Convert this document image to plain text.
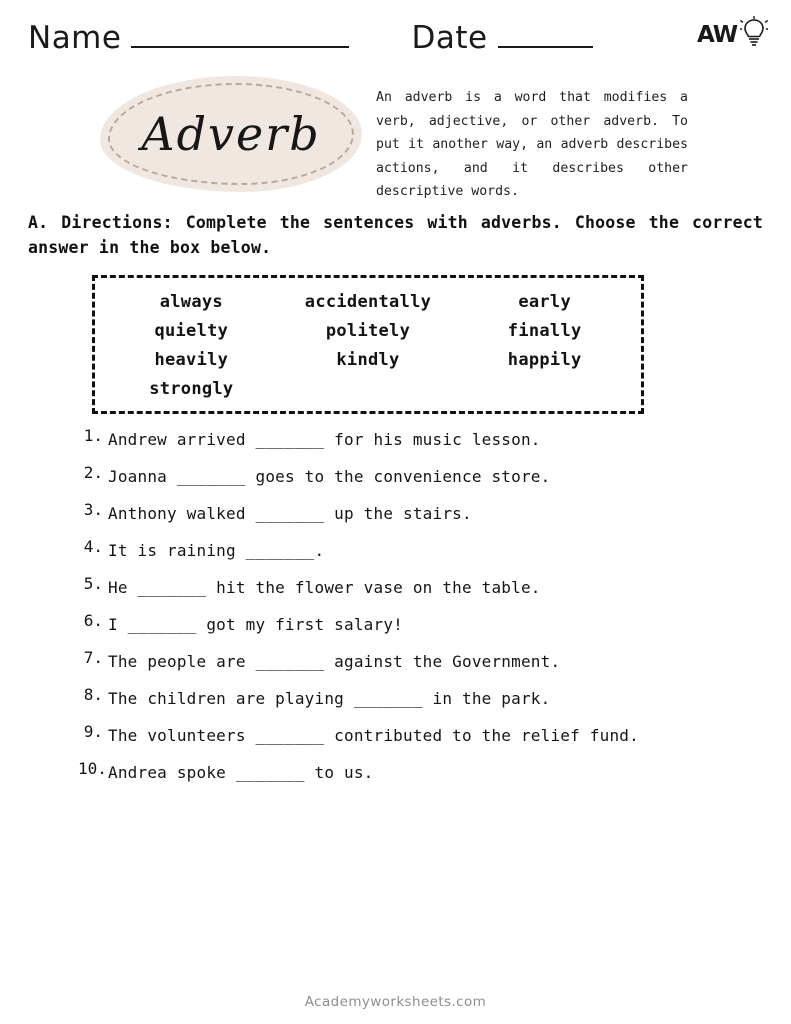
Name	Date	AW
Adverb
An adverb is a word that modifies a verb, adjective, or other adverb. To put it another way, an adverb describes actions, and it describes other descriptive words.
A. Directions: Complete the sentences with adverbs. Choose the correct answer in the box below.
always	accidentally	early
quielty	politely	finally
heavily	kindly	happily
strongly
1. Andrew arrived _______ for his music lesson.
2. Joanna _______ goes to the convenience store.
3. Anthony walked _______ up the stairs.
4. It is raining _______.
5. He _______ hit the flower vase on the table.
6. I _______ got my first salary!
7. The people are _______ against the Government.
8. The children are playing _______ in the park.
9. The volunteers _______ contributed to the relief fund.
10. Andrea spoke _______ to us.
Academyworksheets.com
